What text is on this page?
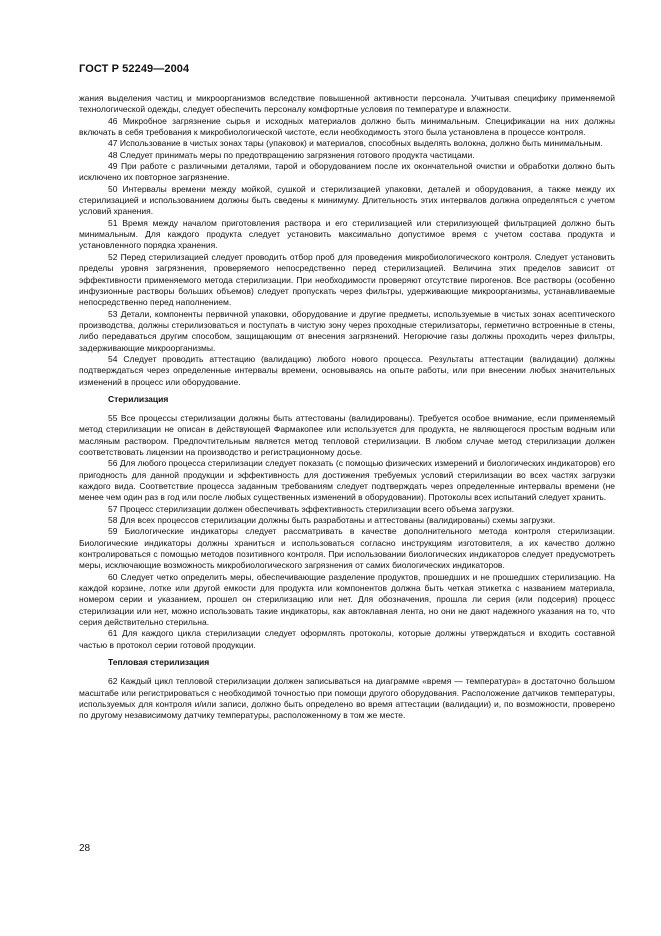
ГОСТ Р 52249—2004

жания выделения частиц и микроорганизмов вследствие повышенной активности персонала. Учитывая специфику применяемой технологической одежды, следует обеспечить персоналу комфортные условия по температуре и влажности.

46 Микробное загрязнение сырья и исходных материалов должно быть минимальным. Спецификации на них должны включать в себя требования к микробиологической чистоте, если необходимость этого была установлена в процессе контроля.

47 Использование в чистых зонах тары (упаковок) и материалов, способных выделять волокна, должно быть минимальным.

48 Следует принимать меры по предотвращению загрязнения готового продукта частицами.

49 При работе с различными деталями, тарой и оборудованием после их окончательной очистки и обработки должно быть исключено их повторное загрязнение.

50 Интервалы времени между мойкой, сушкой и стерилизацией упаковки, деталей и оборудования, а также между их стерилизацией и использованием должны быть сведены к минимуму. Длительность этих интервалов должна определяться с учетом условий хранения.

51 Время между началом приготовления раствора и его стерилизацией или стерилизующей фильтрацией должно быть минимальным. Для каждого продукта следует установить максимально допустимое время с учетом состава продукта и установленного порядка хранения.

52 Перед стерилизацией следует проводить отбор проб для проведения микробиологического контроля. Следует установить пределы уровня загрязнения, проверяемого непосредственно перед стерилизацией. Величина этих пределов зависит от эффективности применяемого метода стерилизации. При необходимости проверяют отсутствие пирогенов. Все растворы (особенно инфузионные растворы больших объемов) следует пропускать через фильтры, удерживающие микроорганизмы, устанавливаемые непосредственно перед наполнением.

53 Детали, компоненты первичной упаковки, оборудование и другие предметы, используемые в чистых зонах асептического производства, должны стерилизоваться и поступать в чистую зону через проходные стерилизаторы, герметично встроенные в стены, либо передаваться другим способом, защищающим от внесения загрязнений. Негорючие газы должны проходить через фильтры, задерживающие микроорганизмы.

54 Следует проводить аттестацию (валидацию) любого нового процесса. Результаты аттестации (валидации) должны подтверждаться через определенные интервалы времени, основываясь на опыте работы, или при внесении любых значительных изменений в процесс или оборудование.

Стерилизация

55 Все процессы стерилизации должны быть аттестованы (валидированы). Требуется особое внимание, если применяемый метод стерилизации не описан в действующей Фармакопее или используется для продукта, не являющегося простым водным или масляным раствором. Предпочтительным является метод тепловой стерилизации. В любом случае метод стерилизации должен соответствовать лицензии на производство и регистрационному досье.

56 Для любого процесса стерилизации следует показать (с помощью физических измерений и биологических индикаторов) его пригодность для данной продукции и эффективность для достижения требуемых условий стерилизации во всех частях загрузки каждого вида. Соответствие процесса заданным требованиям следует подтверждать через определенные интервалы времени (не менее чем один раз в год или после любых существенных изменений в оборудовании). Протоколы всех испытаний следует хранить.

57 Процесс стерилизации должен обеспечивать эффективность стерилизации всего объема загрузки.

58 Для всех процессов стерилизации должны быть разработаны и аттестованы (валидированы) схемы загрузки.

59 Биологические индикаторы следует рассматривать в качестве дополнительного метода контроля стерилизации. Биологические индикаторы должны храниться и использоваться согласно инструкциям изготовителя, а их качество должно контролироваться с помощью методов позитивного контроля. При использовании биологических индикаторов следует предусмотреть меры, исключающие возможность микробиологического загрязнения от самих биологических индикаторов.

60 Следует четко определить меры, обеспечивающие разделение продуктов, прошедших и не прошедших стерилизацию. На каждой корзине, лотке или другой емкости для продукта или компонентов должна быть четкая этикетка с названием материала, номером серии и указанием, прошел он стерилизацию или нет. Для обозначения, прошла ли серия (или подсерия) процесс стерилизации или нет, можно использовать такие индикаторы, как автоклавная лента, но они не дают надежного указания на то, что серия действительно стерильна.

61 Для каждого цикла стерилизации следует оформлять протоколы, которые должны утверждаться и входить составной частью в протокол серии готовой продукции.

Тепловая стерилизация

62 Каждый цикл тепловой стерилизации должен записываться на диаграмме «время — температура» в достаточно большом масштабе или регистрироваться с необходимой точностью при помощи другого оборудования. Расположение датчиков температуры, используемых для контроля и/или записи, должно быть определено во время аттестации (валидации) и, по возможности, проверено по другому независимому датчику температуры, расположенному в том же месте.

28
